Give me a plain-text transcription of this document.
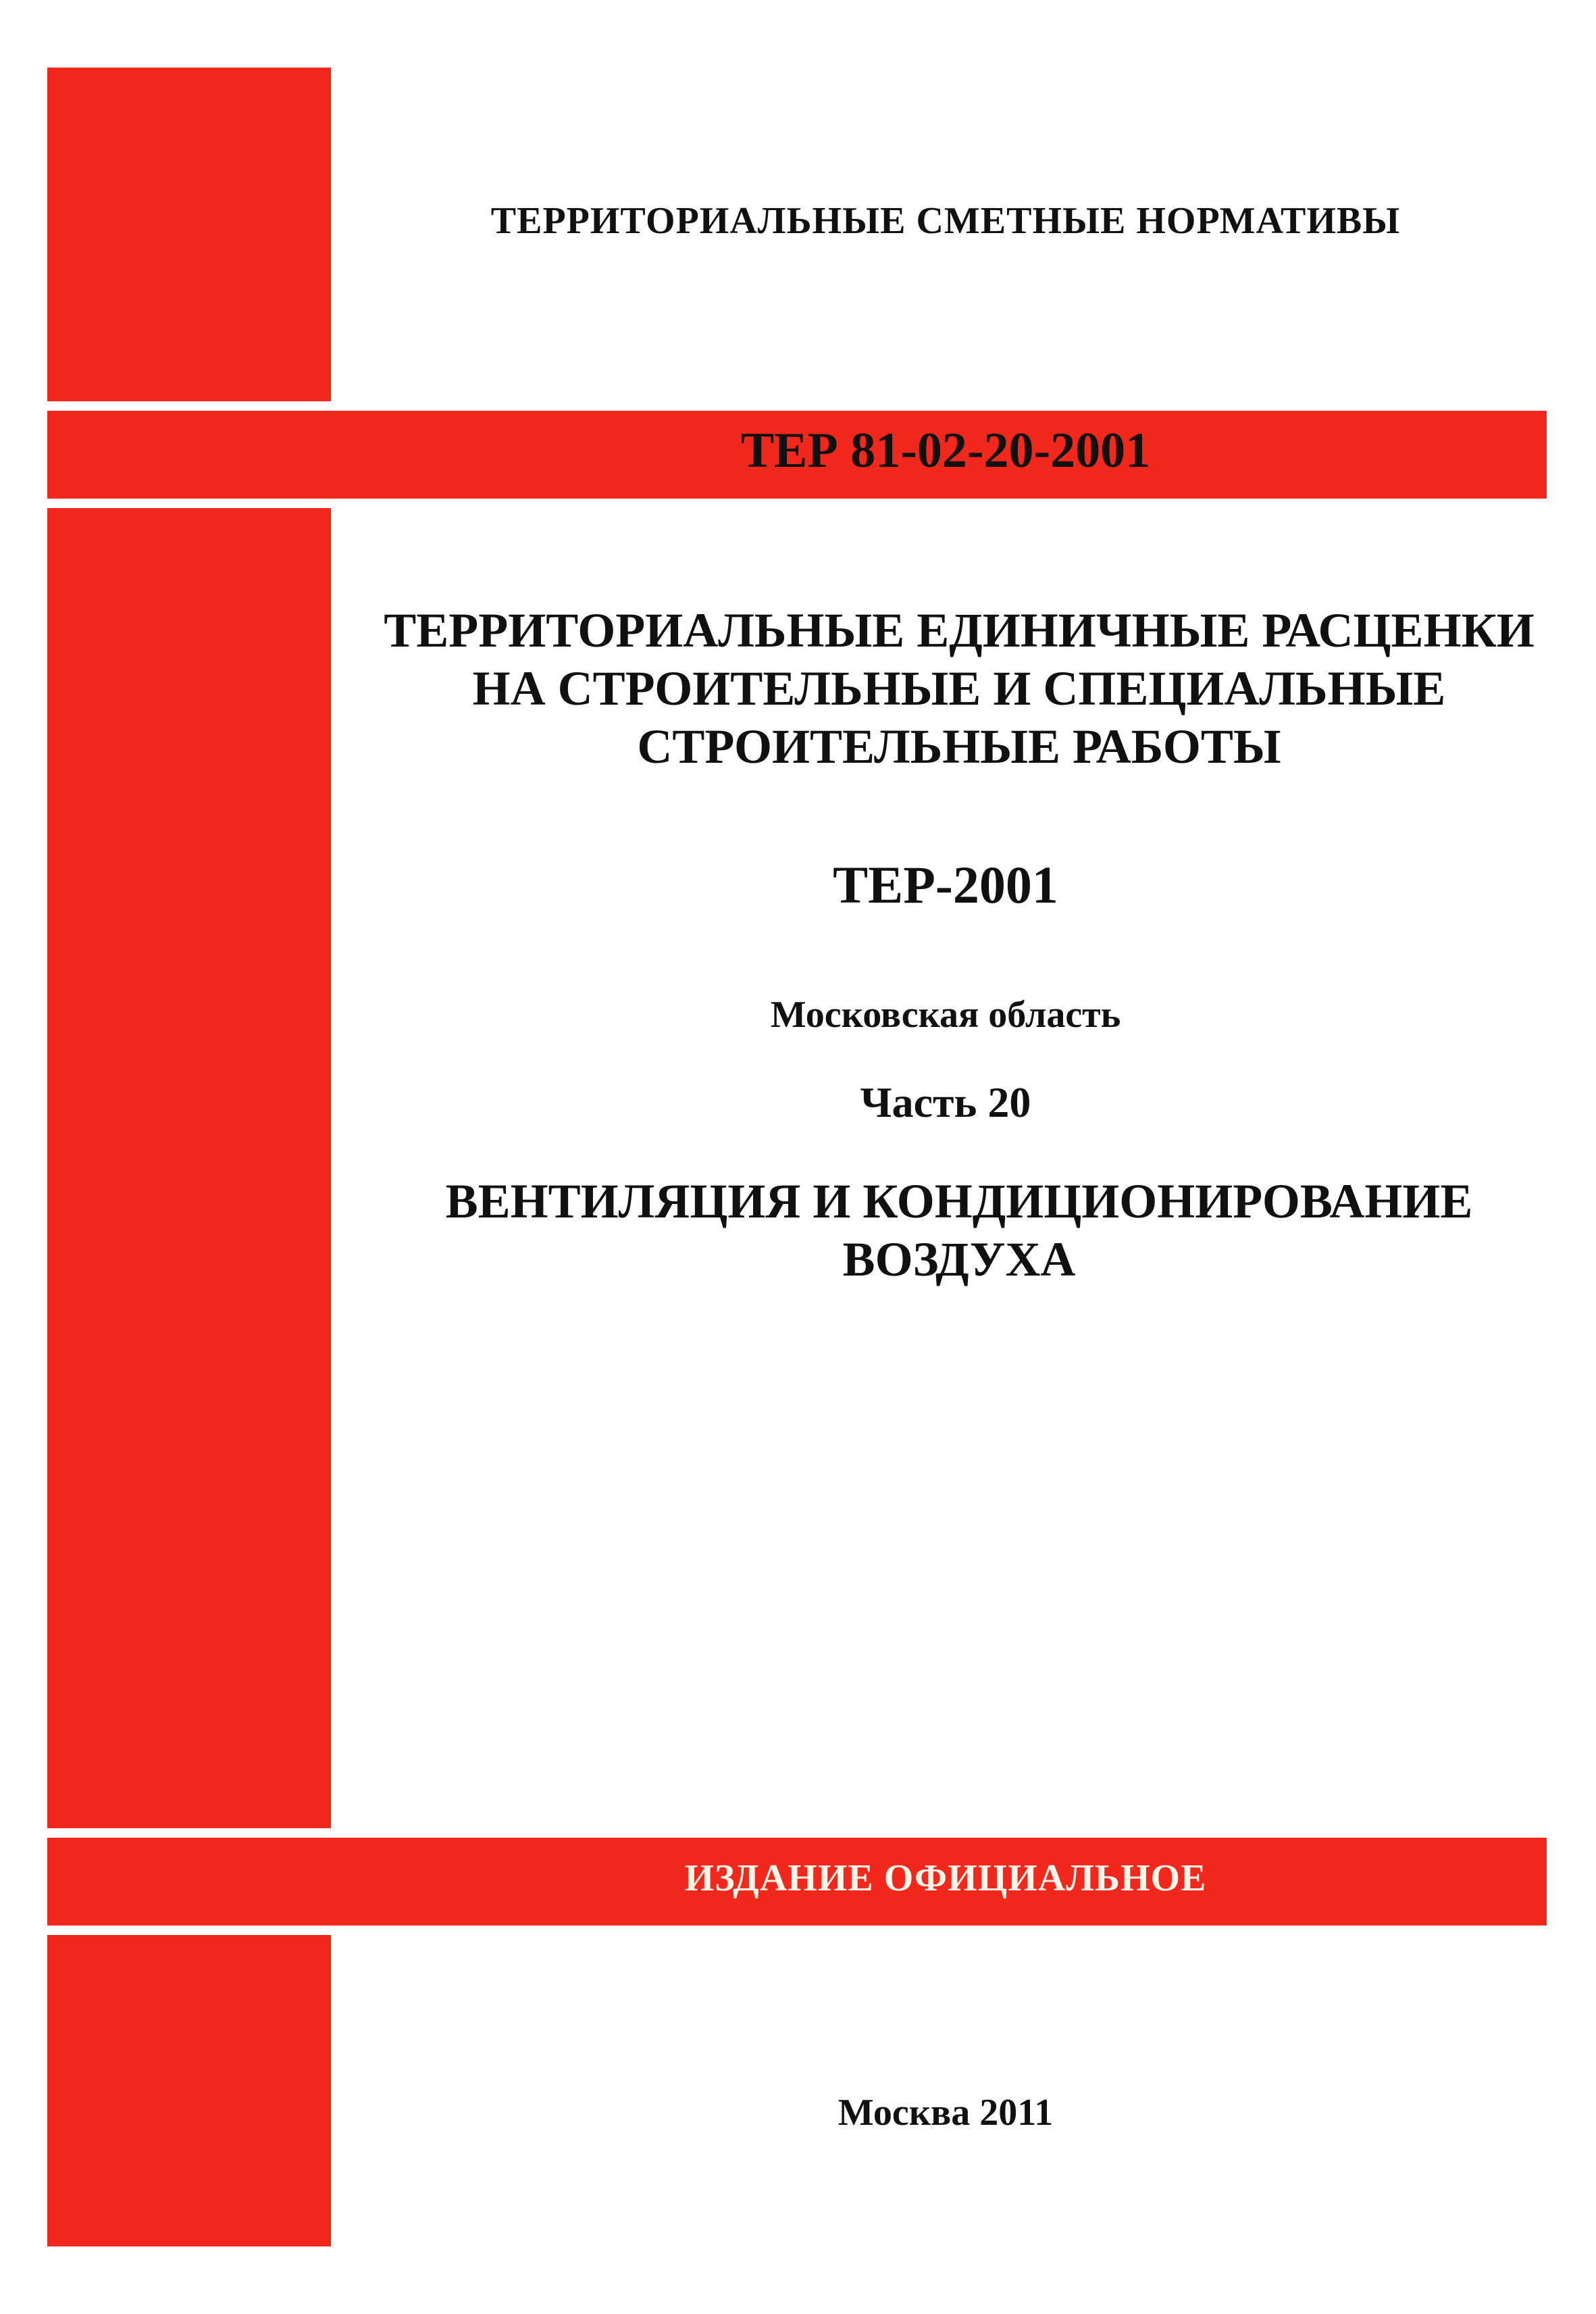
ТЕРРИТОРИАЛЬНЫЕ СМЕТНЫЕ НОРМАТИВЫ
ТЕР 81-02-20-2001
ТЕРРИТОРИАЛЬНЫЕ ЕДИНИЧНЫЕ РАСЦЕНКИ
НА СТРОИТЕЛЬНЫЕ И СПЕЦИАЛЬНЫЕ
СТРОИТЕЛЬНЫЕ РАБОТЫ
ТЕР-2001
Московская область
Часть 20
ВЕНТИЛЯЦИЯ И КОНДИЦИОНИРОВАНИЕ
ВОЗДУХА
ИЗДАНИЕ ОФИЦИАЛЬНОЕ
Москва 2011
